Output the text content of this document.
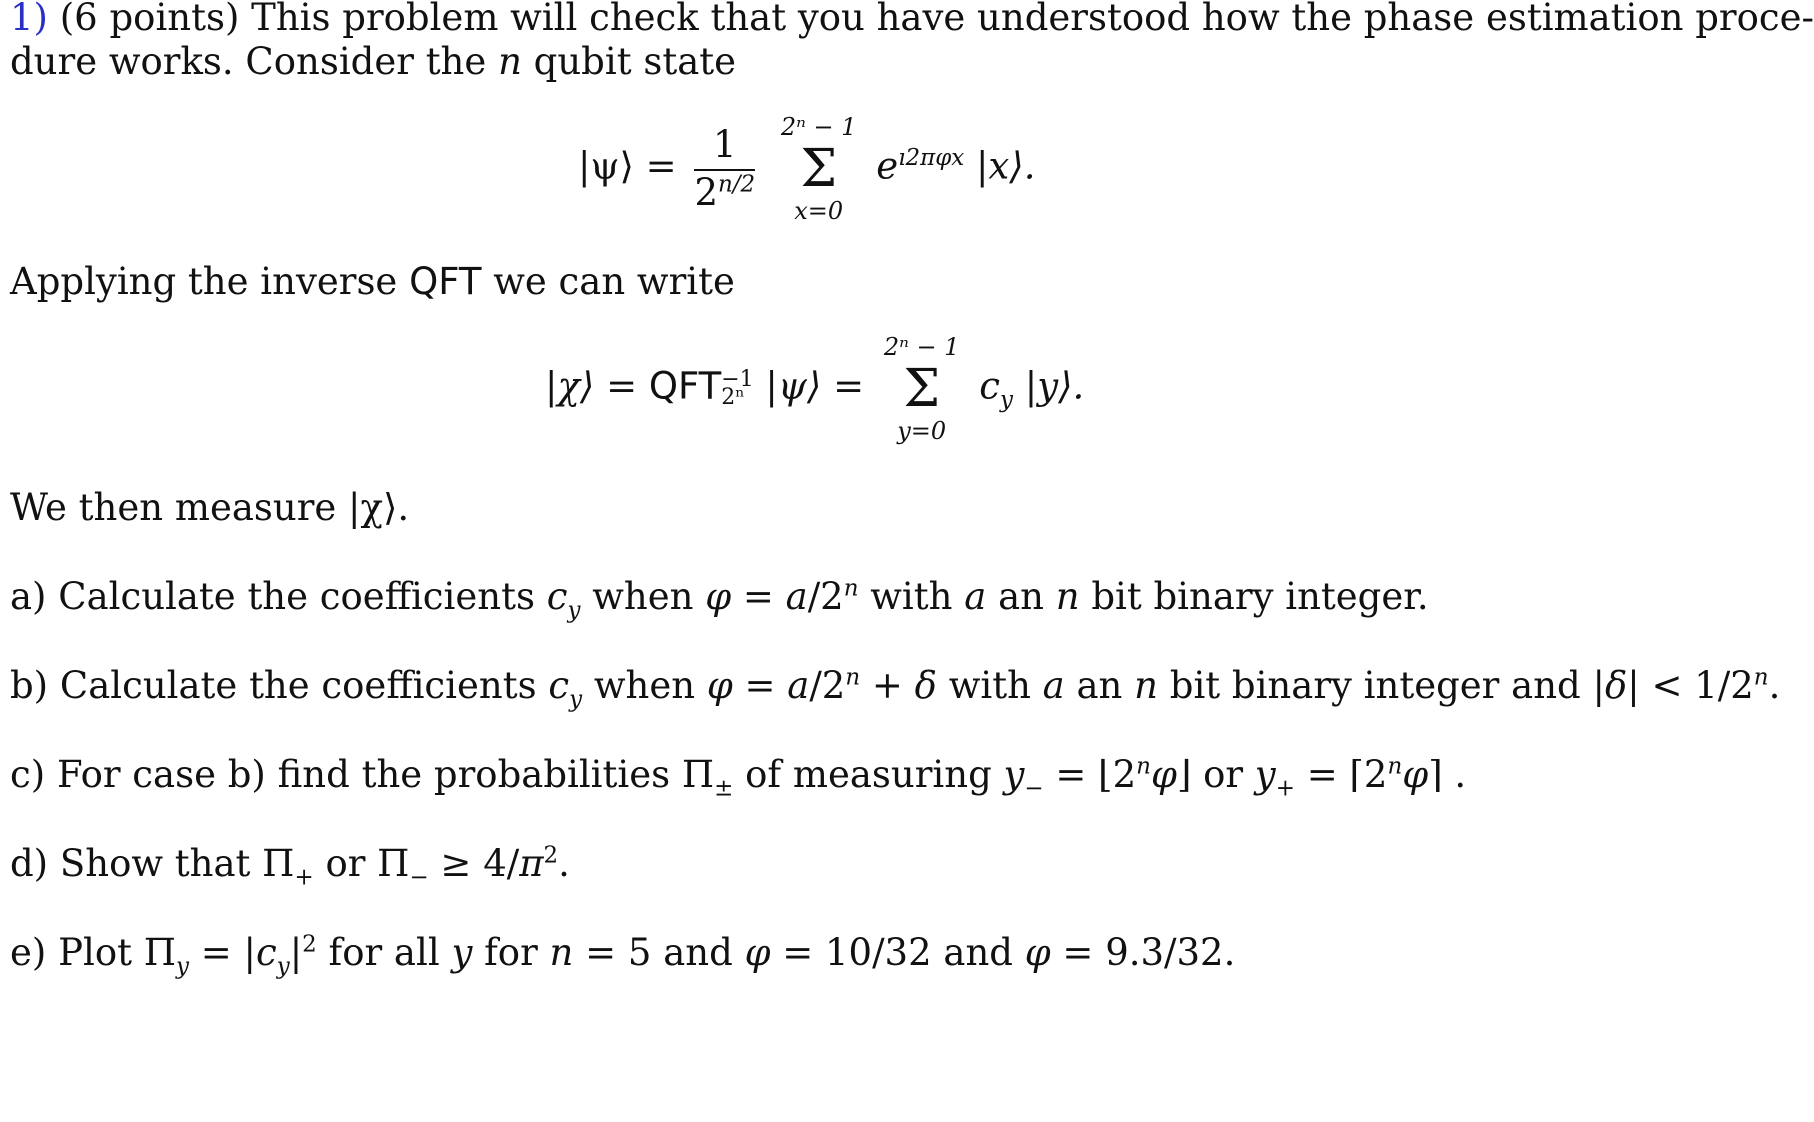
1) (6 points) This problem will check that you have understood how the phase estimation proce-
dure works. Consider the n qubit state
|ψ⟩ = $\frac{1}{2^{n/2}}$
2ⁿ − 1
Σ
x=0
$e^{ı2\pi\varphi x}$ |x⟩.
Applying the inverse QFT we can write
|χ⟩ = QFT −1
2ⁿ |ψ⟩ =
2ⁿ − 1
Σ
y=0
$c_y$ |y⟩.
We then measure |χ⟩.
a) Calculate the coefficients $c_y$ when $\varphi = a/2^n$ with a an n bit binary integer.
b) Calculate the coefficients $c_y$ when $\varphi = a/2^n + \delta$ with a an n bit binary integer and $|\delta| < 1/2^n$.
c) For case b) find the probabilities $\Pi_\pm$ of measuring $y_-$ = $⌊2^n\varphi⌋$ or $y_+$ = $⌈2^n\varphi⌉$ .
d) Show that $\Pi_+$ or $\Pi_- \ge 4/\pi^2$.
e) Plot $\Pi_y = |c_y|^2$ for all y for n = 5 and φ = 10/32 and φ = 9.3/32.
